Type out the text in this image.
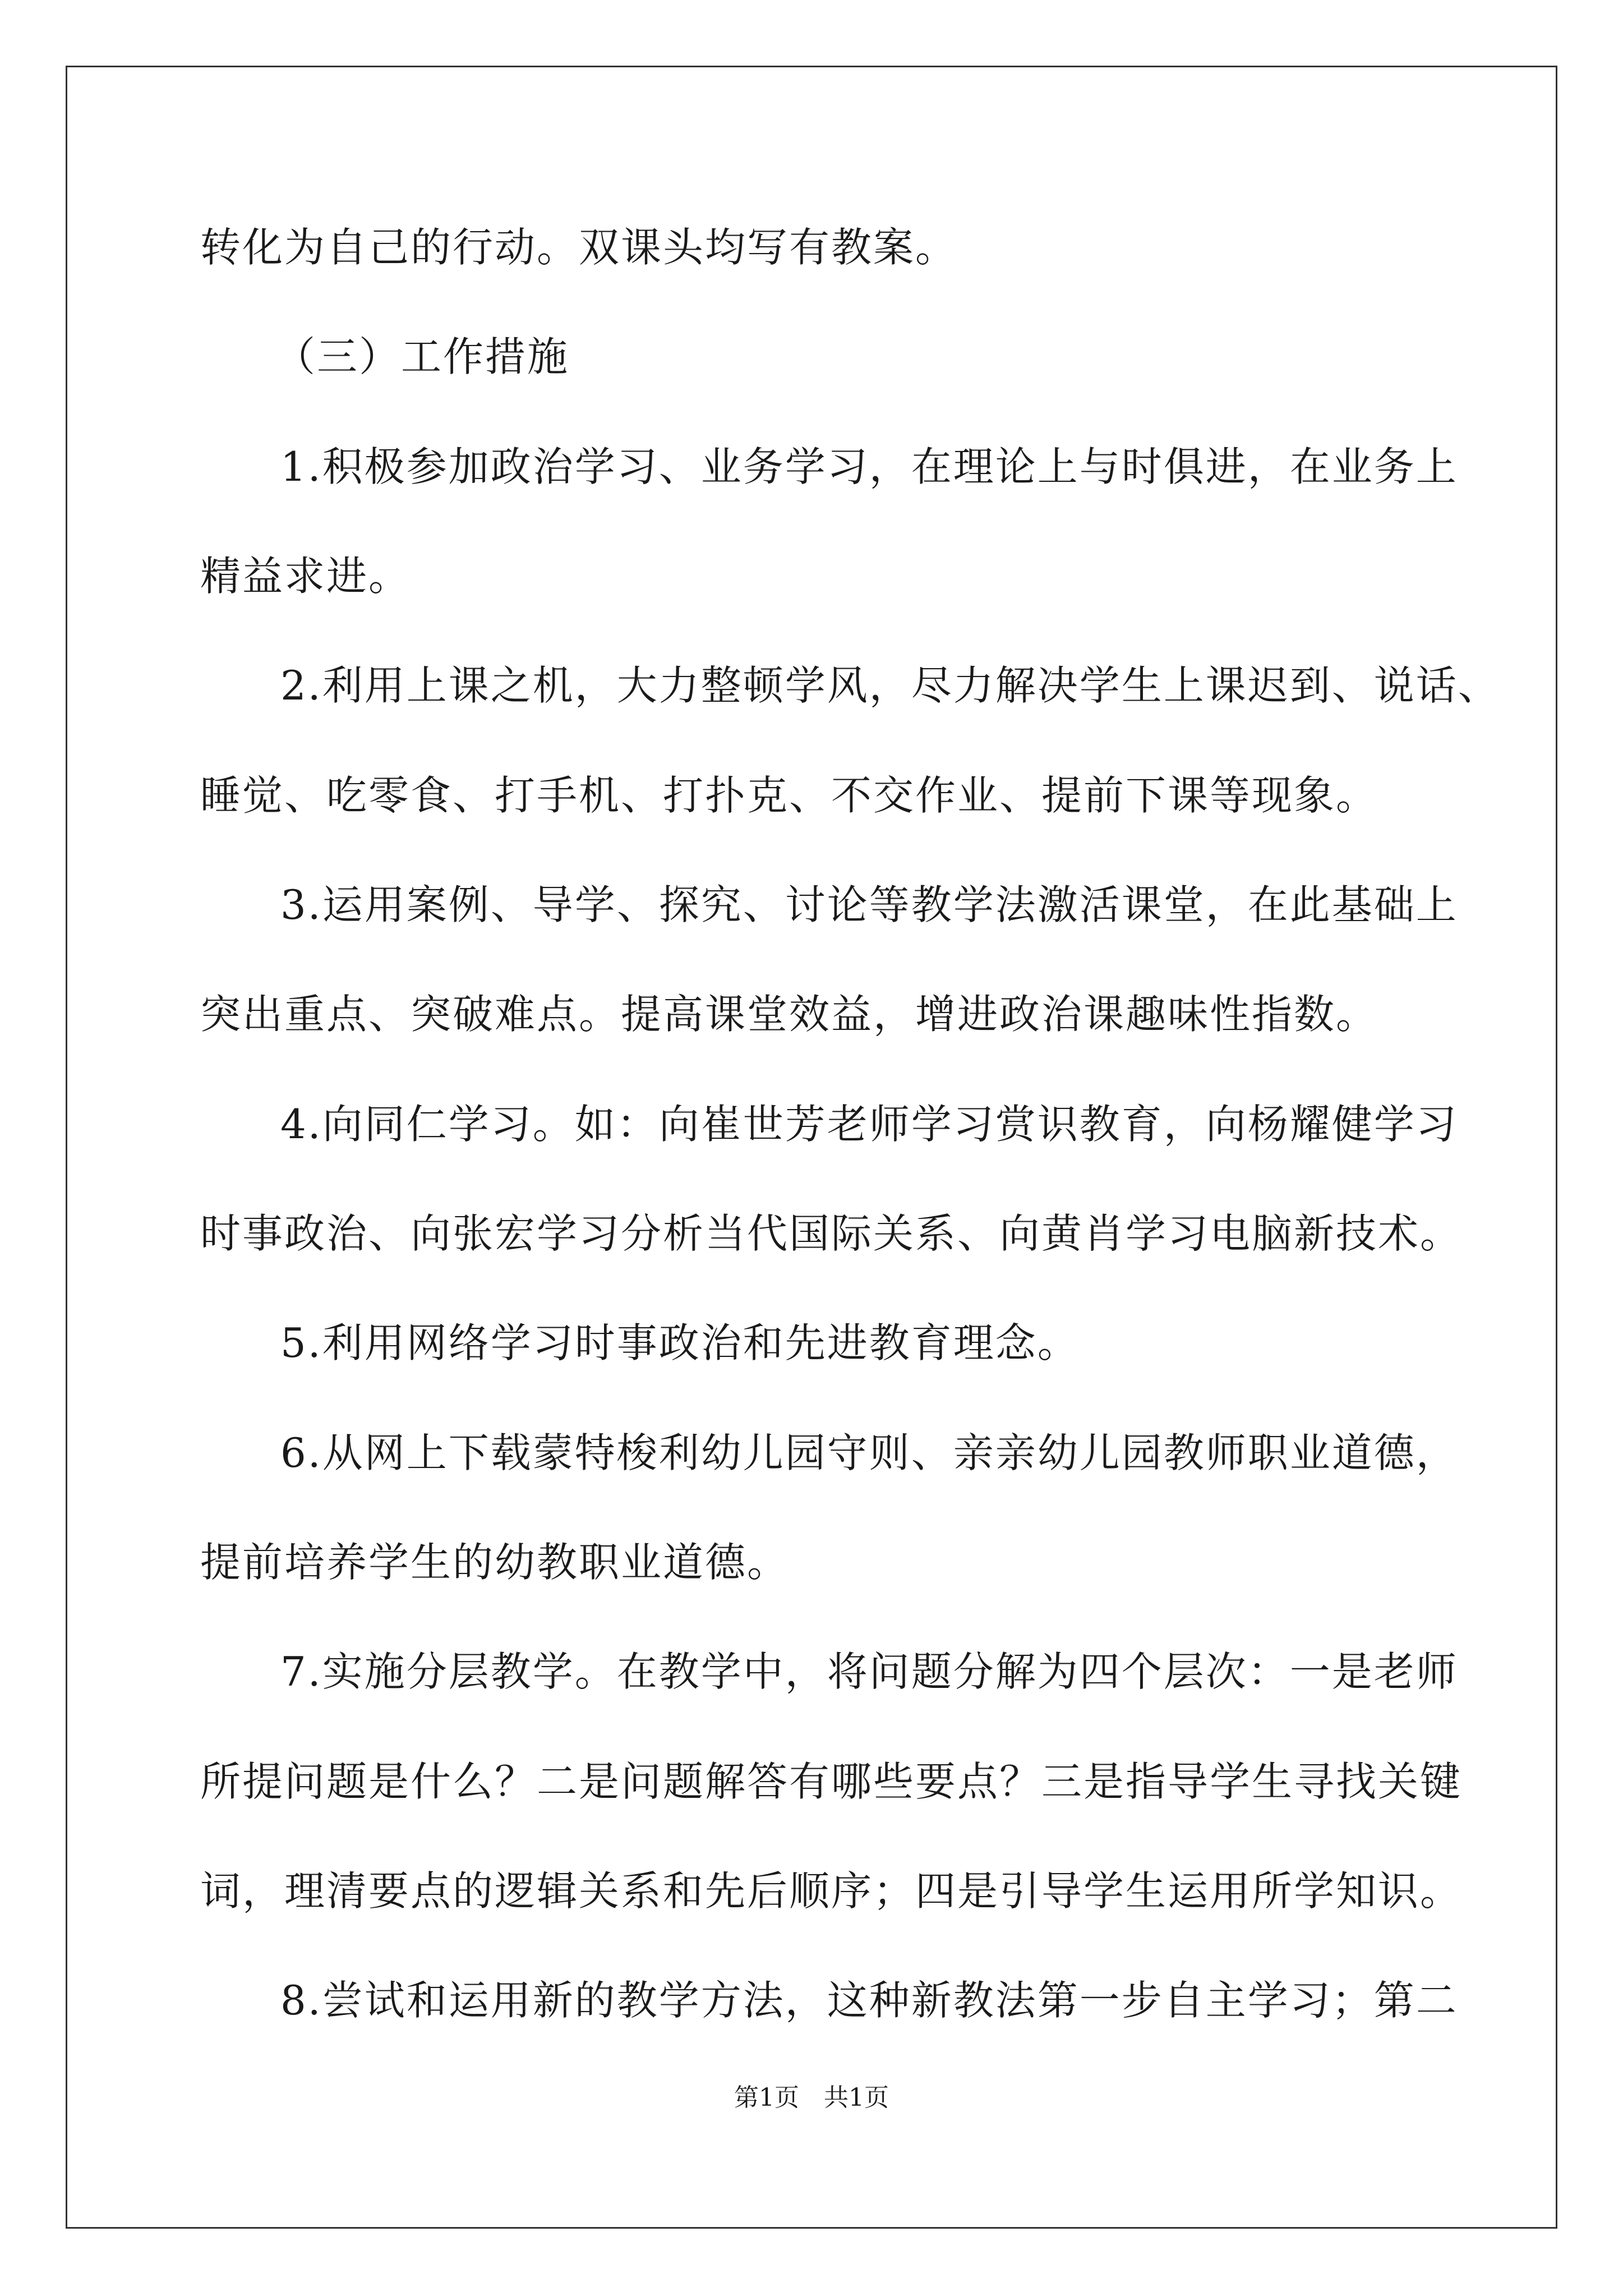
转化为自己的行动。双课头均写有教案。
（三）工作措施
1.积极参加政治学习、业务学习，在理论上与时俱进，在业务上
精益求进。
2.利用上课之机，大力整顿学风，尽力解决学生上课迟到、说话、
睡觉、吃零食、打手机、打扑克、不交作业、提前下课等现象。
3.运用案例、导学、探究、讨论等教学法激活课堂，在此基础上
突出重点、突破难点。提高课堂效益，增进政治课趣味性指数。
4.向同仁学习。如：向崔世芳老师学习赏识教育，向杨耀健学习
时事政治、向张宏学习分析当代国际关系、向黄肖学习电脑新技术。
5.利用网络学习时事政治和先进教育理念。
6.从网上下载蒙特梭利幼儿园守则、亲亲幼儿园教师职业道德，
提前培养学生的幼教职业道德。
7.实施分层教学。在教学中，将问题分解为四个层次：一是老师
所提问题是什么？二是问题解答有哪些要点？三是指导学生寻找关键
词，理清要点的逻辑关系和先后顺序；四是引导学生运用所学知识。
8.尝试和运用新的教学方法，这种新教法第一步自主学习；第二
第1页　共1页
